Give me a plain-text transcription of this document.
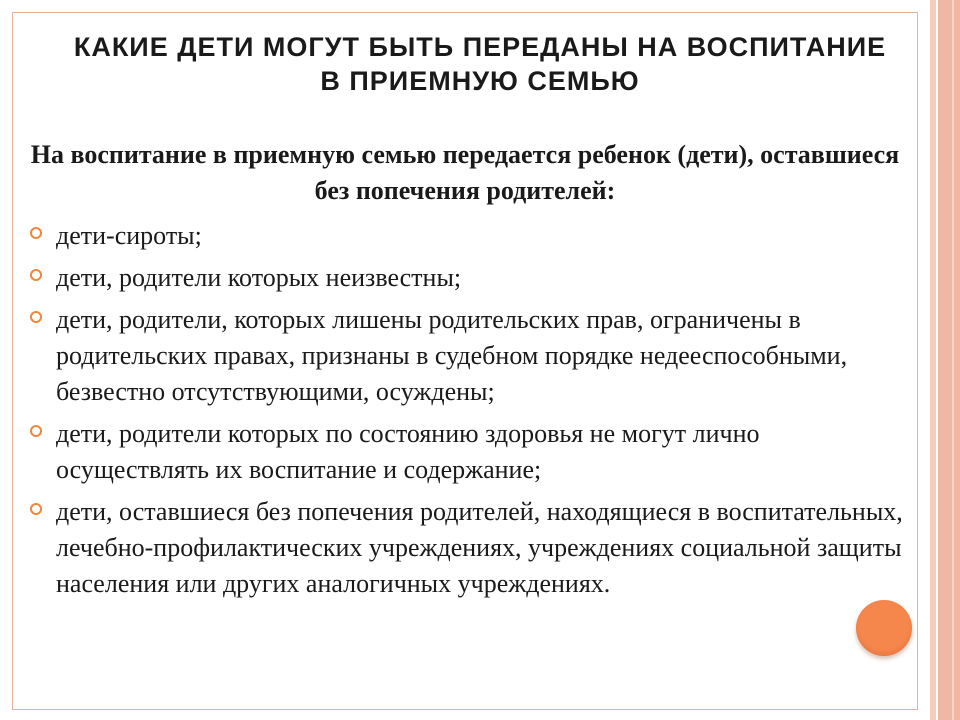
КАКИЕ ДЕТИ МОГУТ БЫТЬ ПЕРЕДАНЫ НА ВОСПИТАНИЕ В ПРИЕМНУЮ СЕМЬЮ
На воспитание в приемную семью передается ребенок (дети), оставшиеся без попечения родителей:
дети-сироты;
дети, родители которых неизвестны;
дети, родители, которых лишены родительских прав, ограничены в родительских правах, признаны в судебном порядке недееспособными, безвестно отсутствующими, осуждены;
дети, родители которых по состоянию здоровья не могут лично осуществлять их воспитание и содержание;
дети, оставшиеся без попечения родителей, находящиеся в воспитательных, лечебно-профилактических учреждениях, учреждениях социальной защиты населения или других аналогичных учреждениях.
